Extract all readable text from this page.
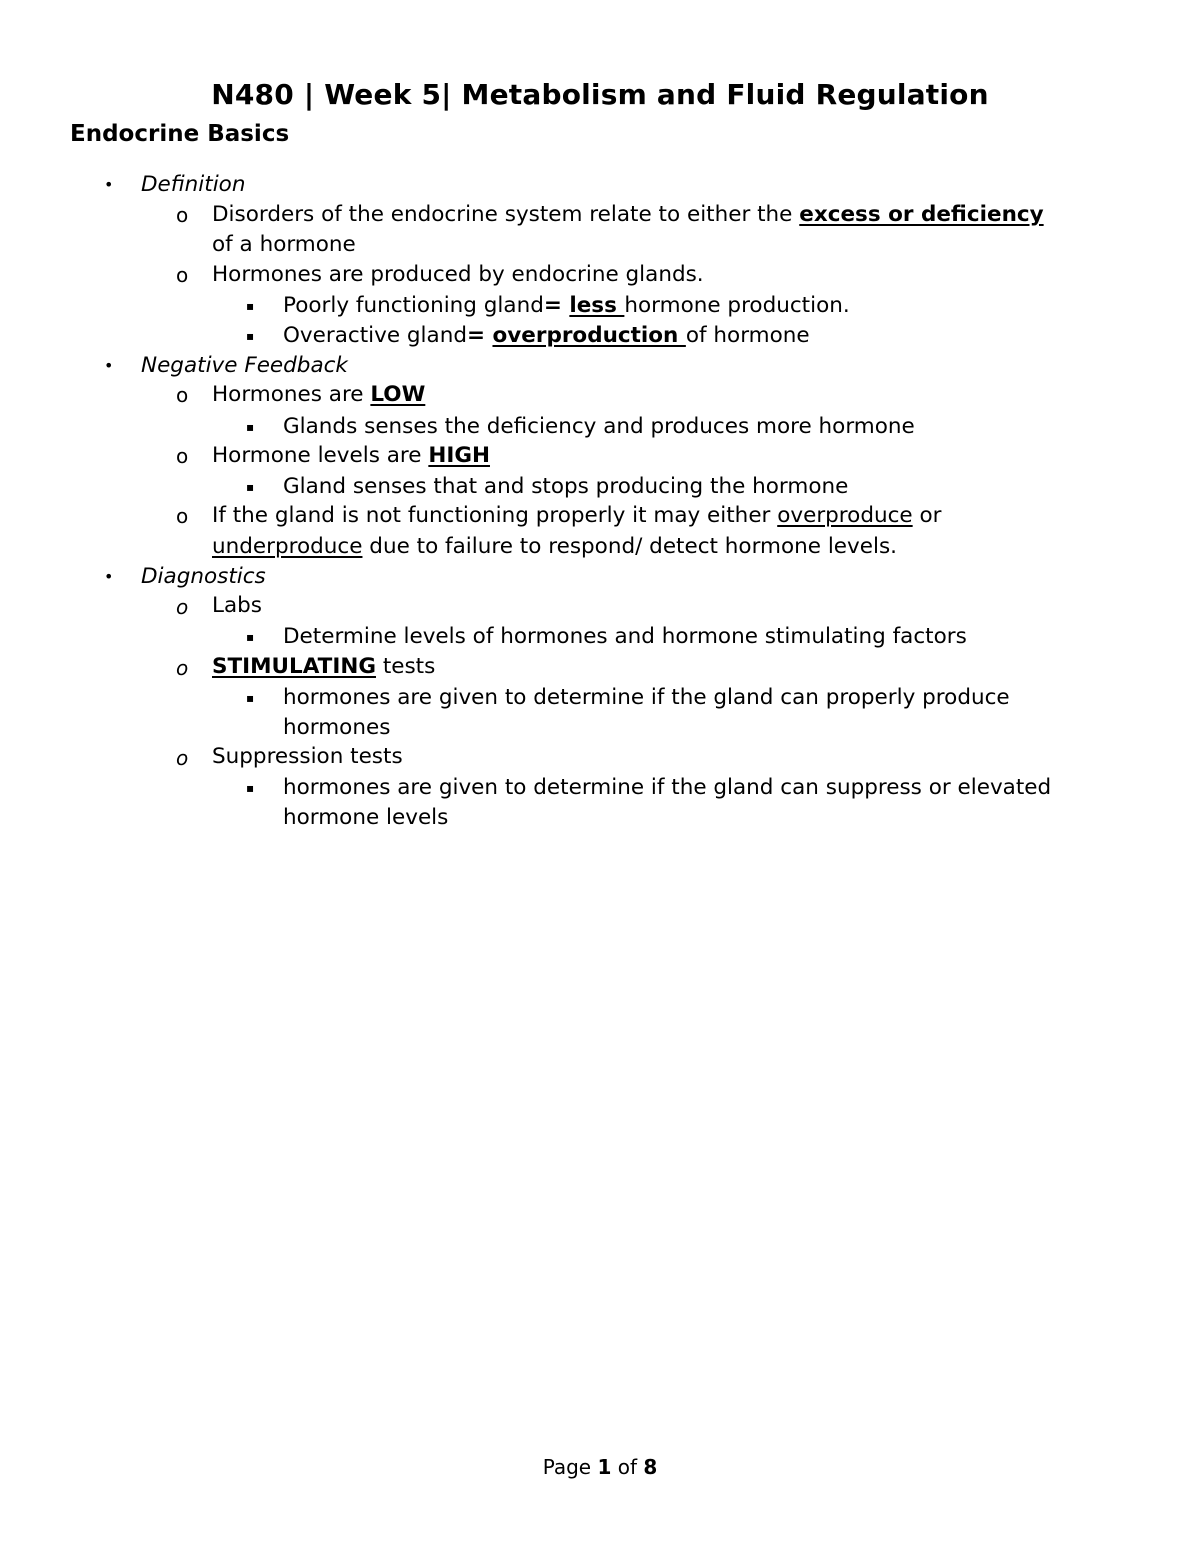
N480 | Week 5| Metabolism and Fluid Regulation
Endocrine Basics
• Definition
o Disorders of the endocrine system relate to either the excess or deficiency
of a hormone
o Hormones are produced by endocrine glands.
▪ Poorly functioning gland= less hormone production.
▪ Overactive gland= overproduction of hormone
• Negative Feedback
o Hormones are LOW
▪ Glands senses the deficiency and produces more hormone
o Hormone levels are HIGH
▪ Gland senses that and stops producing the hormone
o If the gland is not functioning properly it may either overproduce or
underproduce due to failure to respond/ detect hormone levels.
• Diagnostics
o Labs
▪ Determine levels of hormones and hormone stimulating factors
o STIMULATING tests
▪ hormones are given to determine if the gland can properly produce
hormones
o Suppression tests
▪ hormones are given to determine if the gland can suppress or elevated
hormone levels
Page 1 of 8
